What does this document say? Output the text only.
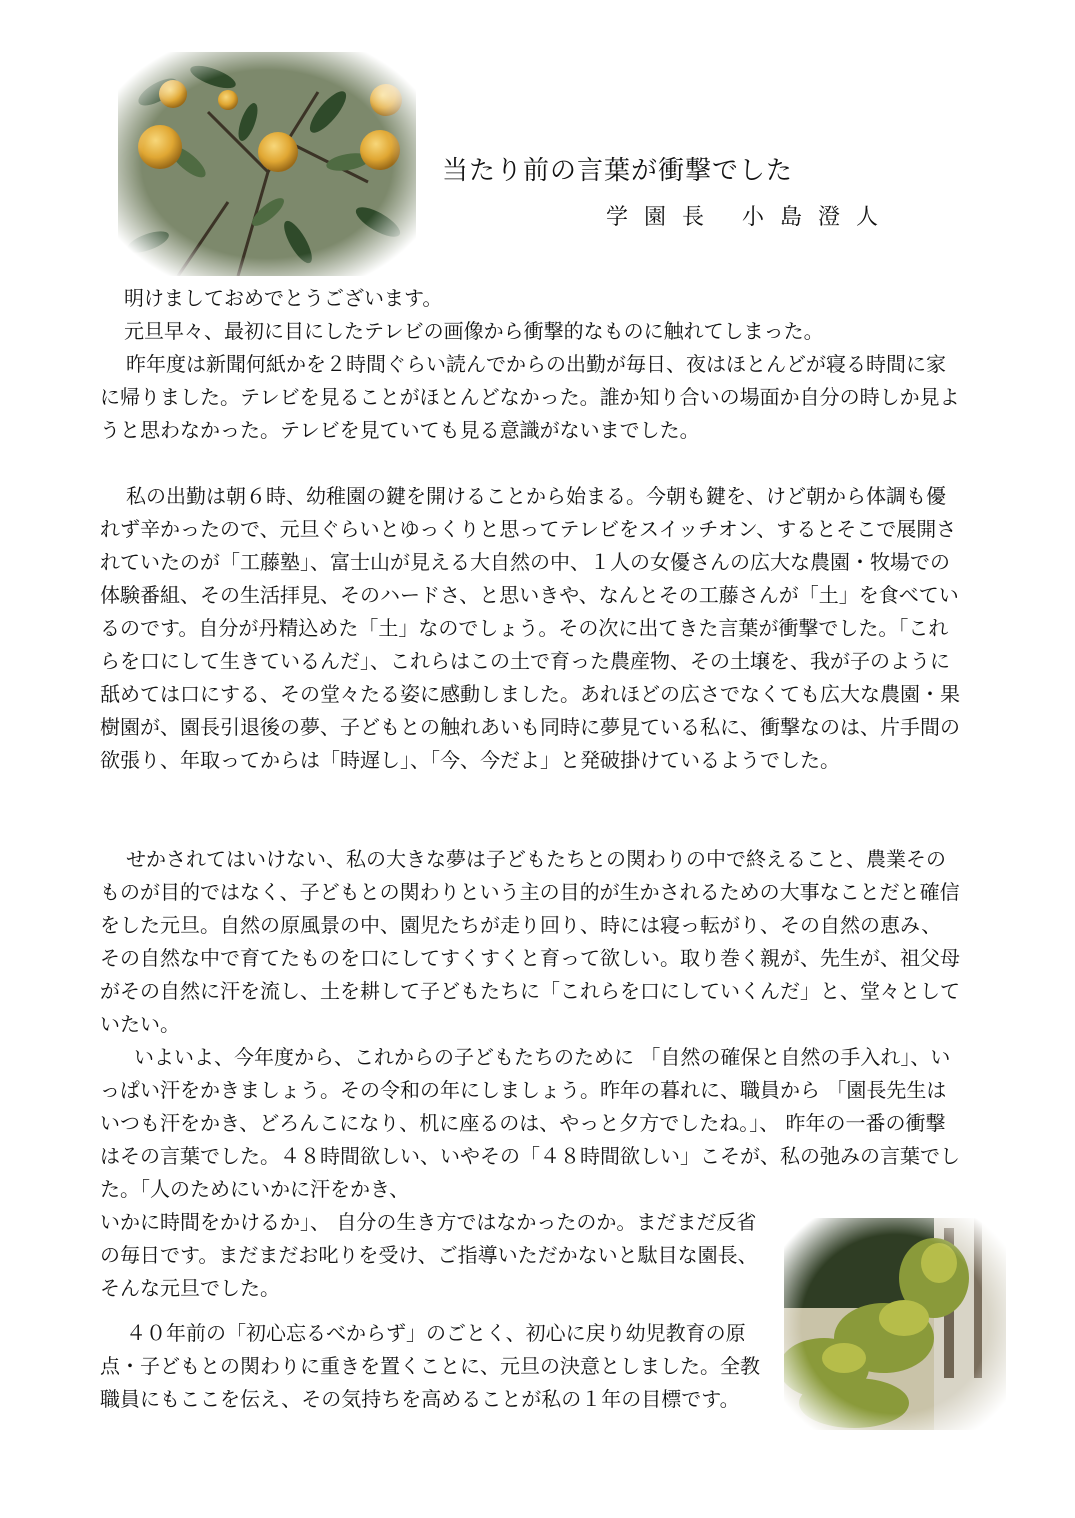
当たり前の言葉が衝撃でした
学園長 小島澄人

明けましておめでとうございます。

元旦早々、最初に目にしたテレビの画像から衝撃的なものに触れてしまった。

昨年度は新聞何紙かを２時間ぐらい読んでからの出勤が毎日、夜はほとんどが寝る時間に家に帰りました。テレビを見ることがほとんどなかった。誰か知り合いの場面か自分の時しか見ようと思わなかった。テレビを見ていても見る意識がないまでした。

私の出勤は朝６時、幼稚園の鍵を開けることから始まる。今朝も鍵を、けど朝から体調も優れず辛かったので、元旦ぐらいとゆっくりと思ってテレビをスイッチオン、するとそこで展開されていたのが「工藤塾」、富士山が見える大自然の中、１人の女優さんの広大な農園・牧場での体験番組、その生活拝見、そのハードさ、と思いきや、なんとその工藤さんが「土」を食べているのです。自分が丹精込めた「土」なのでしょう。その次に出てきた言葉が衝撃でした。「これらを口にして生きているんだ」、これらはこの土で育った農産物、その土壌を、我が子のように舐めては口にする、その堂々たる姿に感動しました。あれほどの広さでなくても広大な農園・果樹園が、園長引退後の夢、子どもとの触れあいも同時に夢見ている私に、衝撃なのは、片手間の欲張り、年取ってからは「時遅し」、「今、今だよ」と発破掛けているようでした。

せかされてはいけない、私の大きな夢は子どもたちとの関わりの中で終えること、農業そのものが目的ではなく、子どもとの関わりという主の目的が生かされるための大事なことだと確信をした元旦。自然の原風景の中、園児たちが走り回り、時には寝っ転がり、その自然の恵み、その自然な中で育てたものを口にしてすくすくと育って欲しい。取り巻く親が、先生が、祖父母がその自然に汗を流し、土を耕して子どもたちに「これらを口にしていくんだ」と、堂々としていたい。

いよいよ、今年度から、これからの子どもたちのために 「自然の確保と自然の手入れ」、いっぱい汗をかきましょう。その令和の年にしましょう。昨年の暮れに、職員から 「園長先生はいつも汗をかき、どろんこになり、机に座るのは、やっと夕方でしたね。」、 昨年の一番の衝撃はその言葉でした。４８時間欲しい、いやその「４８時間欲しい」こそが、私の弛みの言葉でした。「人のためにいかに汗をかき、
いかに時間をかけるか」、 自分の生き方ではなかったのか。まだまだ反省の毎日です。まだまだお叱りを受け、ご指導いただかないと駄目な園長、そんな元旦でした。

４０年前の「初心忘るべからず」のごとく、初心に戻り幼児教育の原点・子どもとの関わりに重きを置くことに、元旦の決意としました。全教職員にもここを伝え、その気持ちを高めることが私の１年の目標です。
